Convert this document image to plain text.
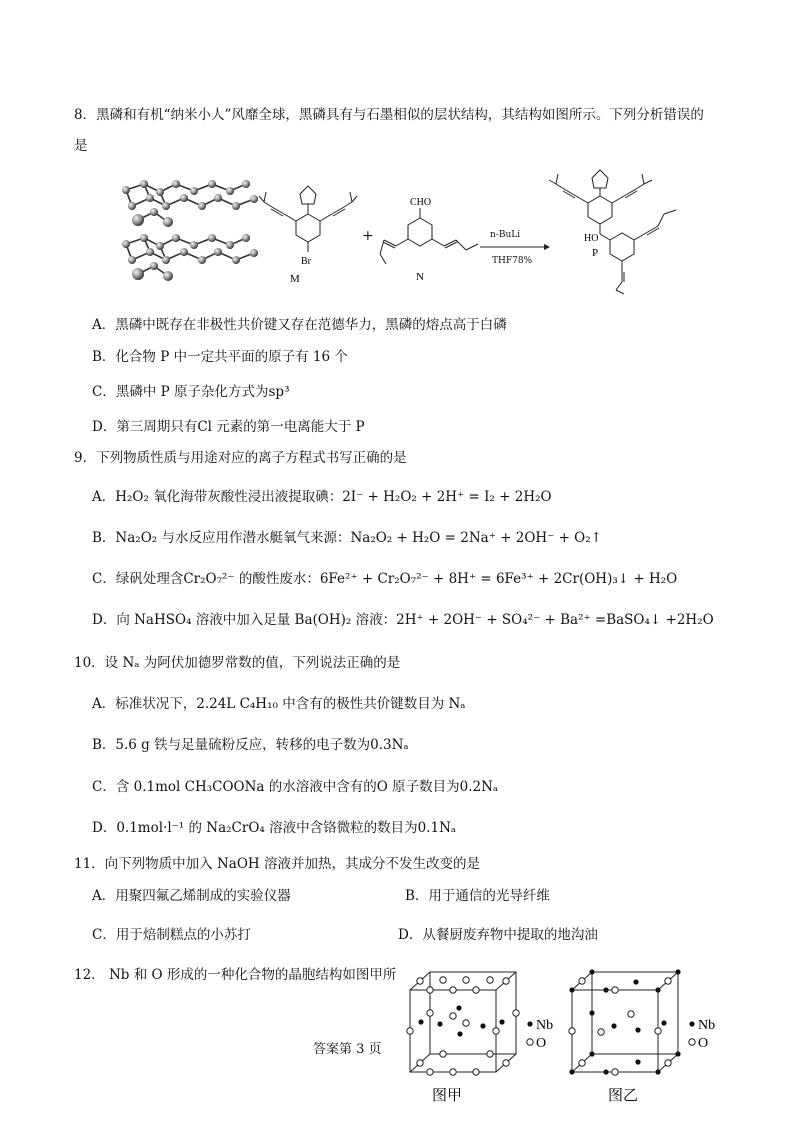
8．黑磷和有机“纳米小人”风靡全球，黑磷具有与石墨相似的层状结构，其结构如图所示。下列分析错误的
是
Br
M
+
CHO
N
n-BuLi
THF78%
HO
P
A．黑磷中既存在非极性共价键又存在范德华力，黑磷的熔点高于白磷
B．化合物 P 中一定共平面的原子有 16 个
C．黑磷中 P 原子杂化方式为sp³
D．第三周期只有Cl 元素的第一电离能大于 P
9．下列物质性质与用途对应的离子方程式书写正确的是
A．H₂O₂ 氧化海带灰酸性浸出液提取碘：2I⁻ + H₂O₂ + 2H⁺ = I₂ + 2H₂O
B．Na₂O₂ 与水反应用作潜水艇氧气来源：Na₂O₂ + H₂O = 2Na⁺ + 2OH⁻ + O₂↑
C．绿矾处理含Cr₂O₇²⁻ 的酸性废水：6Fe²⁺ + Cr₂O₇²⁻ + 8H⁺ = 6Fe³⁺ + 2Cr(OH)₃↓ + H₂O
D．向 NaHSO₄ 溶液中加入足量 Ba(OH)₂ 溶液：2H⁺ + 2OH⁻ + SO₄²⁻ + Ba²⁺ =BaSO₄↓ +2H₂O
10．设 Nₐ 为阿伏加德罗常数的值，下列说法正确的是
A．标准状况下，2.24L C₄H₁₀ 中含有的极性共价键数目为 Nₐ
B．5.6 g 铁与足量硫粉反应，转移的电子数为0.3Nₐ
C．含 0.1mol CH₃COONa 的水溶液中含有的O 原子数目为0.2Nₐ
D．0.1mol·l⁻¹ 的 Na₂CrO₄ 溶液中含铬微粒的数目为0.1Nₐ
11．向下列物质中加入 NaOH 溶液并加热，其成分不发生改变的是
A．用聚四氟乙烯制成的实验仪器	B．用于通信的光导纤维
C．用于焙制糕点的小苏打	D．从餐厨废弃物中提取的地沟油
12． Nb 和 O 形成的一种化合物的晶胞结构如图甲所
Nb
O
图甲
Nb
O
图乙
答案第 3 页
